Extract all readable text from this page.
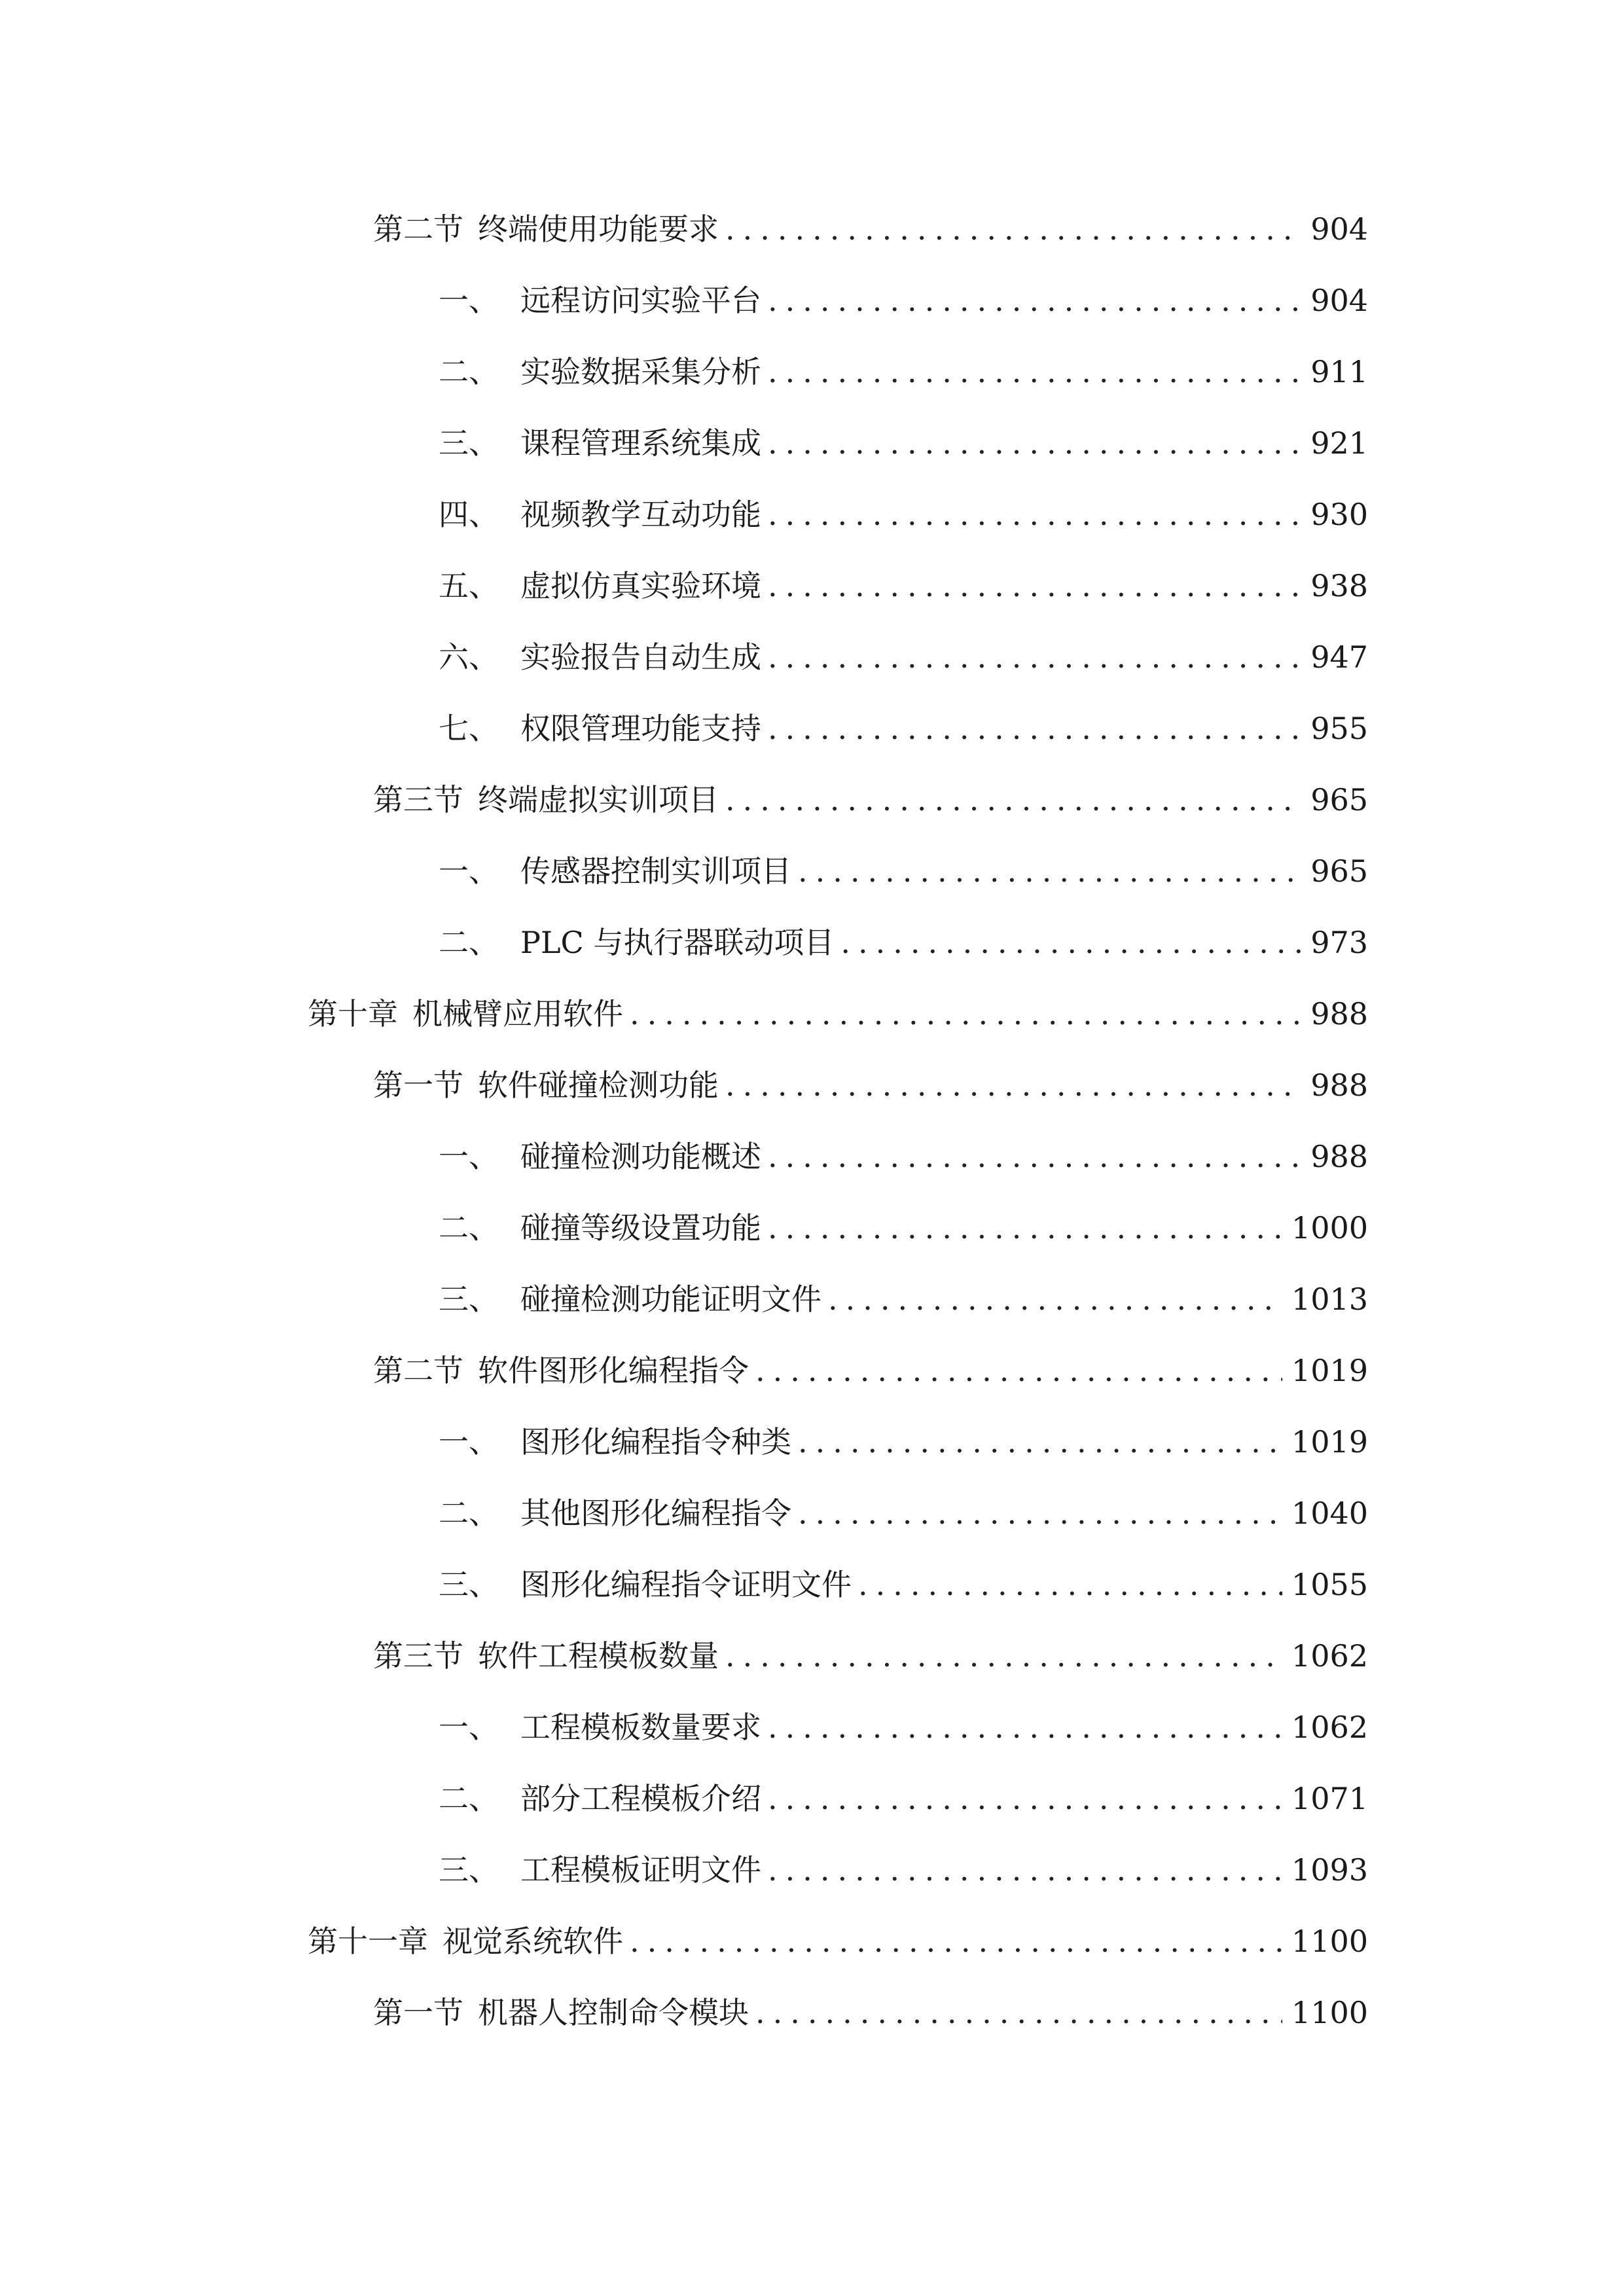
第二节 终端使用功能要求 .....	904
一、 远程访问实验平台 .....	904
二、 实验数据采集分析 .....	911
三、 课程管理系统集成 .....	921
四、 视频教学互动功能 .....	930
五、 虚拟仿真实验环境 .....	938
六、 实验报告自动生成 .....	947
七、 权限管理功能支持 .....	955
第三节 终端虚拟实训项目 .....	965
一、 传感器控制实训项目 .....	965
二、 PLC 与执行器联动项目 .....	973
第十章 机械臂应用软件 .....	988
第一节 软件碰撞检测功能 .....	988
一、 碰撞检测功能概述 .....	988
二、 碰撞等级设置功能 .....	1000
三、 碰撞检测功能证明文件 .....	1013
第二节 软件图形化编程指令 .....	1019
一、 图形化编程指令种类 .....	1019
二、 其他图形化编程指令 .....	1040
三、 图形化编程指令证明文件 .....	1055
第三节 软件工程模板数量 .....	1062
一、 工程模板数量要求 .....	1062
二、 部分工程模板介绍 .....	1071
三、 工程模板证明文件 .....	1093
第十一章 视觉系统软件 .....	1100
第一节 机器人控制命令模块 .....	1100
